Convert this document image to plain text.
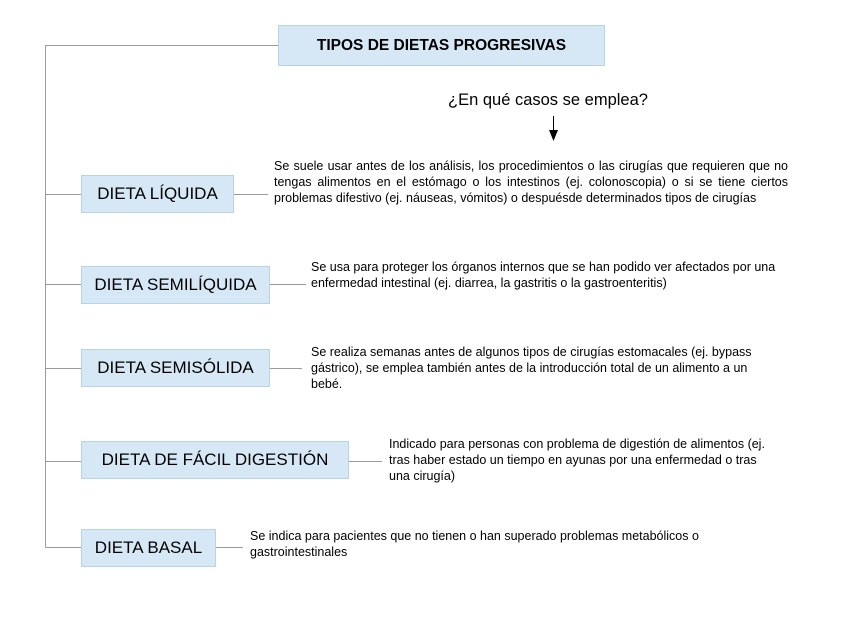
TIPOS DE DIETAS PROGRESIVAS
¿En qué casos se emplea?
DIETA LÍQUIDA
Se suele usar antes de los análisis, los procedimientos o las cirugías que requieren que no tengas alimentos en el estómago o los intestinos (ej. colonoscopia) o si se tiene ciertos problemas difestivo (ej. náuseas, vómitos) o despuésde determinados tipos de cirugías
DIETA SEMILÍQUIDA
Se usa para proteger los órganos internos que se han podido ver afectados por una enfermedad intestinal (ej. diarrea, la gastritis o la gastroenteritis)
DIETA SEMISÓLIDA
Se realiza semanas antes de algunos tipos de cirugías estomacales (ej. bypass gástrico), se emplea también antes de la introducción total de un alimento a un bebé.
DIETA DE FÁCIL DIGESTIÓN
Indicado para personas con problema de digestión de alimentos (ej. tras haber estado un tiempo en ayunas por una enfermedad o tras una cirugía)
DIETA BASAL
Se indica para pacientes que no tienen o han superado problemas metabólicos o gastrointestinales
